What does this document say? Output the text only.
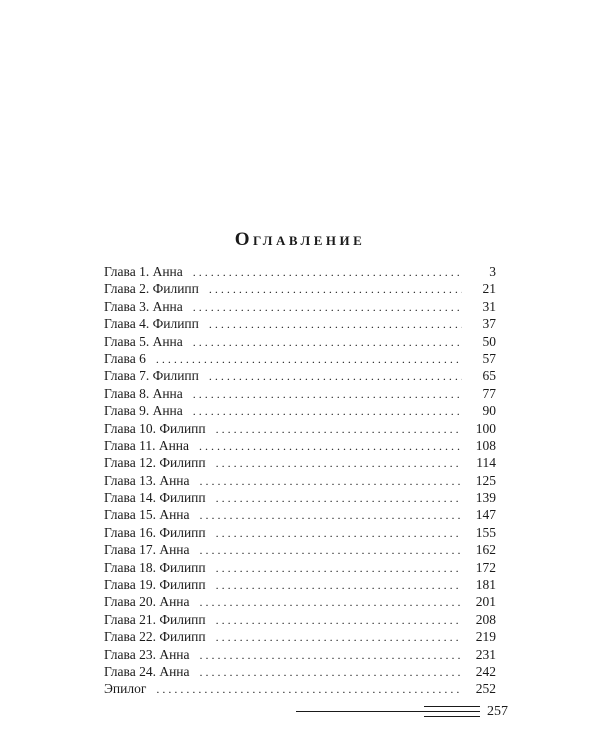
Оглавление
Глава 1. Анна . . .	3
Глава 2. Филипп . . .	21
Глава 3. Анна . . .	31
Глава 4. Филипп . . .	37
Глава 5. Анна . . .	50
Глава 6 . . .	57
Глава 7. Филипп . . .	65
Глава 8. Анна . . .	77
Глава 9. Анна . . .	90
Глава 10. Филипп . . .	100
Глава 11. Анна . . .	108
Глава 12. Филипп . . .	114
Глава 13. Анна . . .	125
Глава 14. Филипп . . .	139
Глава 15. Анна . . .	147
Глава 16. Филипп . . .	155
Глава 17. Анна . . .	162
Глава 18. Филипп . . .	172
Глава 19. Филипп . . .	181
Глава 20. Анна . . .	201
Глава 21. Филипп . . .	208
Глава 22. Филипп . . .	219
Глава 23. Анна . . .	231
Глава 24. Анна . . .	242
Эпилог . . .	252
257
